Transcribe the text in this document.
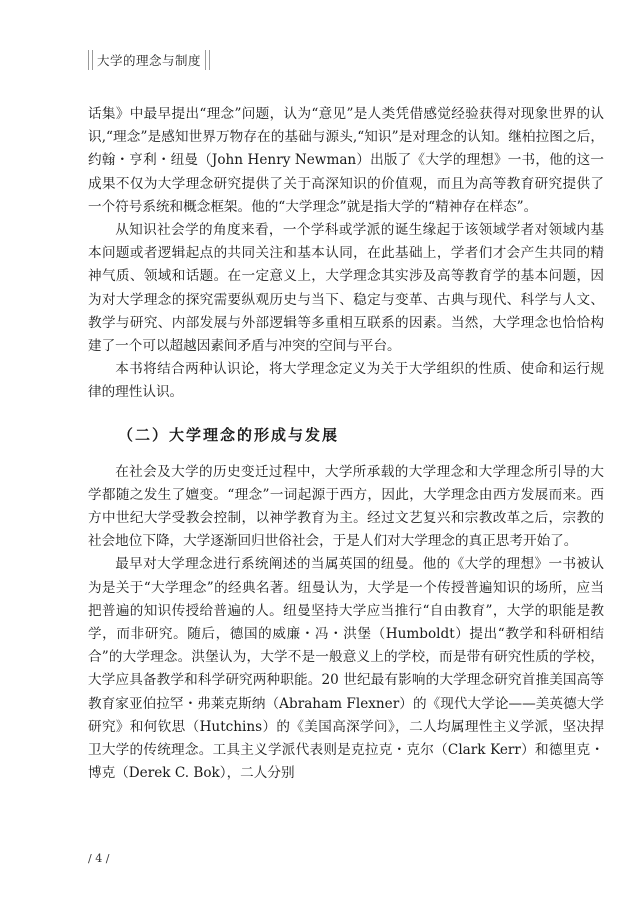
大学的理念与制度

话集》中最早提出“理念”问题，认为“意见”是人类凭借感觉经验获得对现象世界的认识,“理念”是感知世界万物存在的基础与源头,“知识”是对理念的认知。继柏拉图之后，约翰・亨利・纽曼（John Henry Newman）出版了《大学的理想》一书，他的这一成果不仅为大学理念研究提供了关于高深知识的价值观，而且为高等教育研究提供了一个符号系统和概念框架。他的“大学理念”就是指大学的“精神存在样态”。

从知识社会学的角度来看，一个学科或学派的诞生缘起于该领域学者对领域内基本问题或者逻辑起点的共同关注和基本认同，在此基础上，学者们才会产生共同的精神气质、领域和话题。在一定意义上，大学理念其实涉及高等教育学的基本问题，因为对大学理念的探究需要纵观历史与当下、稳定与变革、古典与现代、科学与人文、教学与研究、内部发展与外部逻辑等多重相互联系的因素。当然，大学理念也恰恰构建了一个可以超越因素间矛盾与冲突的空间与平台。

本书将结合两种认识论，将大学理念定义为关于大学组织的性质、使命和运行规律的理性认识。

（二）大学理念的形成与发展

在社会及大学的历史变迁过程中，大学所承载的大学理念和大学理念所引导的大学都随之发生了嬗变。“理念”一词起源于西方，因此，大学理念由西方发展而来。西方中世纪大学受教会控制，以神学教育为主。经过文艺复兴和宗教改革之后，宗教的社会地位下降，大学逐渐回归世俗社会，于是人们对大学理念的真正思考开始了。

最早对大学理念进行系统阐述的当属英国的纽曼。他的《大学的理想》一书被认为是关于“大学理念”的经典名著。纽曼认为，大学是一个传授普遍知识的场所，应当把普遍的知识传授给普遍的人。纽曼坚持大学应当推行“自由教育”，大学的职能是教学，而非研究。随后，德国的威廉・冯・洪堡（Humboldt）提出“教学和科研相结合”的大学理念。洪堡认为，大学不是一般意义上的学校，而是带有研究性质的学校，大学应具备教学和科学研究两种职能。20 世纪最有影响的大学理念研究首推美国高等教育家亚伯拉罕・弗莱克斯纳（Abraham Flexner）的《现代大学论——美英德大学研究》和何钦思（Hutchins）的《美国高深学问》，二人均属理性主义学派，坚决捍卫大学的传统理念。工具主义学派代表则是克拉克・克尔（Clark Kerr）和德里克・博克（Derek C. Bok），二人分别

/ 4 /
